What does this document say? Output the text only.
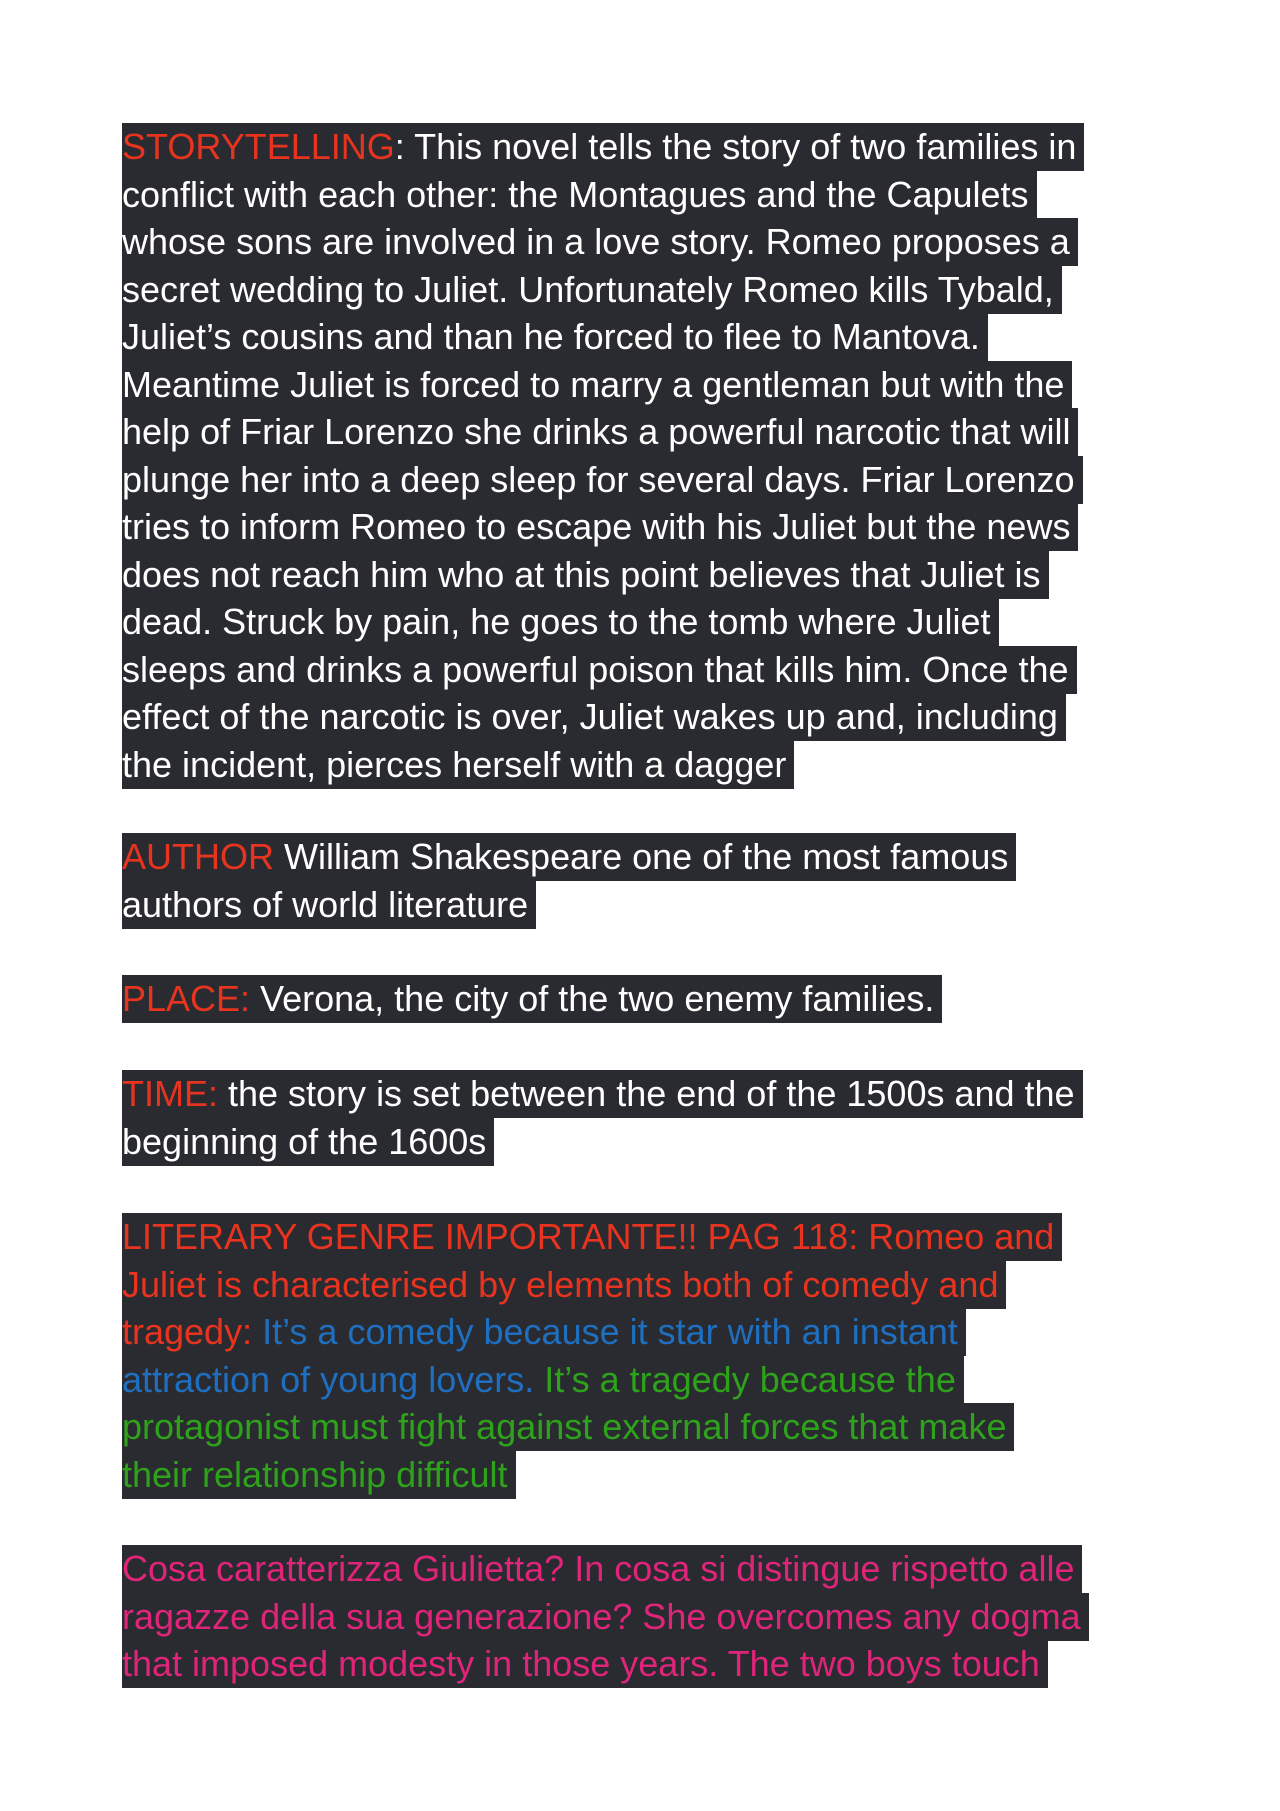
STORYTELLING: This novel tells the story of two families in
conflict with each other: the Montagues and the Capulets
whose sons are involved in a love story. Romeo proposes a
secret wedding to Juliet. Unfortunately Romeo kills Tybald,
Juliet’s cousins and than he forced to flee to Mantova.
Meantime Juliet is forced to marry a gentleman but with the
help of Friar Lorenzo she drinks a powerful narcotic that will
plunge her into a deep sleep for several days. Friar Lorenzo
tries to inform Romeo to escape with his Juliet but the news
does not reach him who at this point believes that Juliet is
dead. Struck by pain, he goes to the tomb where Juliet
sleeps and drinks a powerful poison that kills him. Once the
effect of the narcotic is over, Juliet wakes up and, including
the incident, pierces herself with a dagger
AUTHOR William Shakespeare one of the most famous
authors of world literature
PLACE: Verona, the city of the two enemy families.
TIME: the story is set between the end of the 1500s and the
beginning of the 1600s
LITERARY GENRE IMPORTANTE!! PAG 118: Romeo and
Juliet is characterised by elements both of comedy and
tragedy: It’s a comedy because it star with an instant
attraction of young lovers. It’s a tragedy because the
protagonist must fight against external forces that make
their relationship difficult
Cosa caratterizza Giulietta? In cosa si distingue rispetto alle
ragazze della sua generazione? She overcomes any dogma
that imposed modesty in those years. The two boys touch
